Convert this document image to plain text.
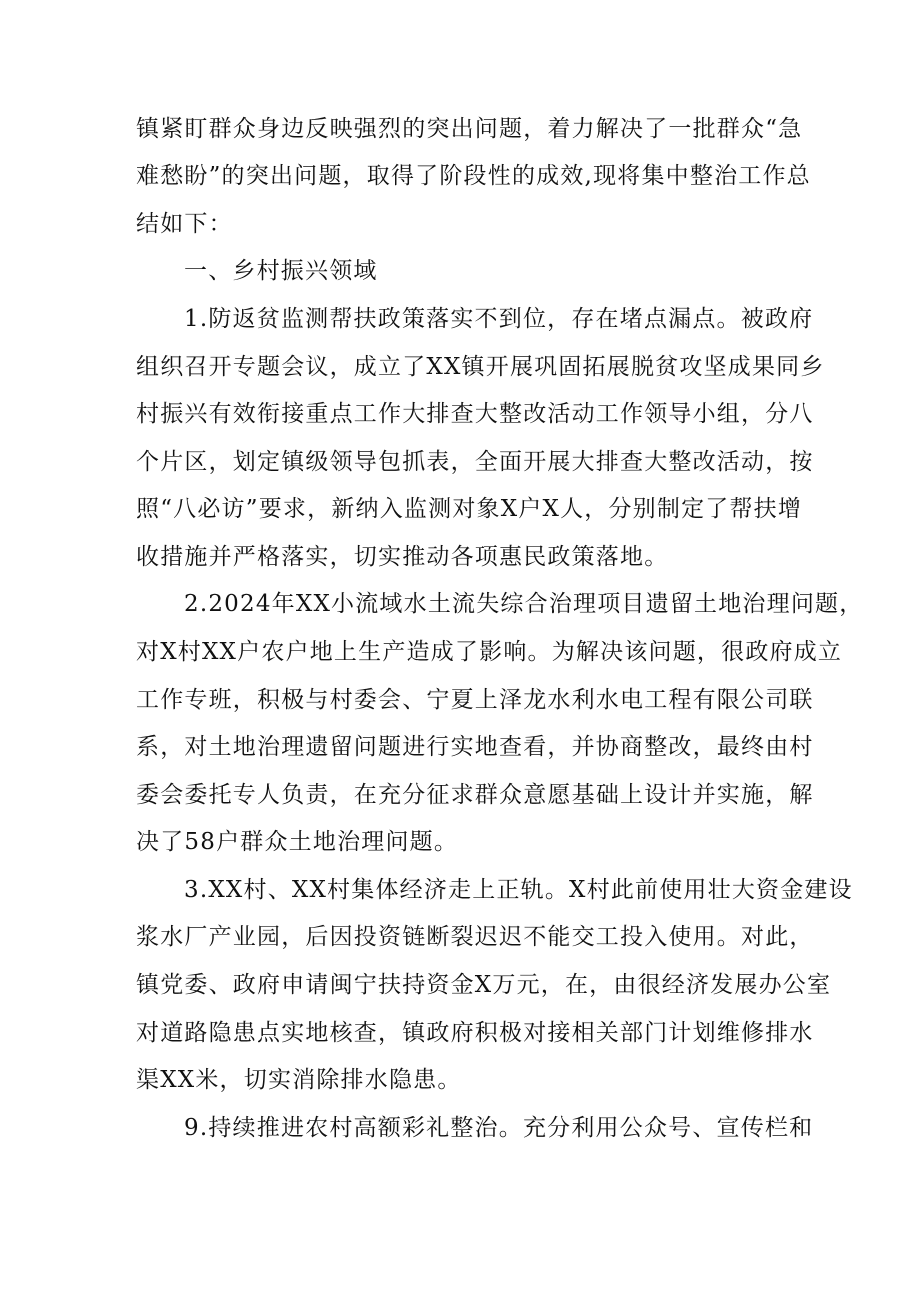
镇紧盯群众身边反映强烈的突出问题，着力解决了一批群众“急
难愁盼”的突出问题，取得了阶段性的成效,现将集中整治工作总
结如下：
一、乡村振兴领域
1.防返贫监测帮扶政策落实不到位，存在堵点漏点。被政府
组织召开专题会议，成立了XX镇开展巩固拓展脱贫攻坚成果同乡
村振兴有效衔接重点工作大排查大整改活动工作领导小组，分八
个片区，划定镇级领导包抓表，全面开展大排查大整改活动，按
照“八必访”要求，新纳入监测对象X户X人，分别制定了帮扶增
收措施并严格落实，切实推动各项惠民政策落地。
2.2024年XX小流域水土流失综合治理项目遗留土地治理问题，
对X村XX户农户地上生产造成了影响。为解决该问题，很政府成立
工作专班，积极与村委会、宁夏上泽龙水利水电工程有限公司联
系，对土地治理遗留问题进行实地查看，并协商整改，最终由村
委会委托专人负责，在充分征求群众意愿基础上设计并实施，解
决了58户群众土地治理问题。
3.XX村、XX村集体经济走上正轨。X村此前使用壮大资金建设
浆水厂产业园，后因投资链断裂迟迟不能交工投入使用。对此，
镇党委、政府申请闽宁扶持资金X万元，在，由很经济发展办公室
对道路隐患点实地核查，镇政府积极对接相关部门计划维修排水
渠XX米，切实消除排水隐患。
9.持续推进农村高额彩礼整治。充分利用公众号、宣传栏和
